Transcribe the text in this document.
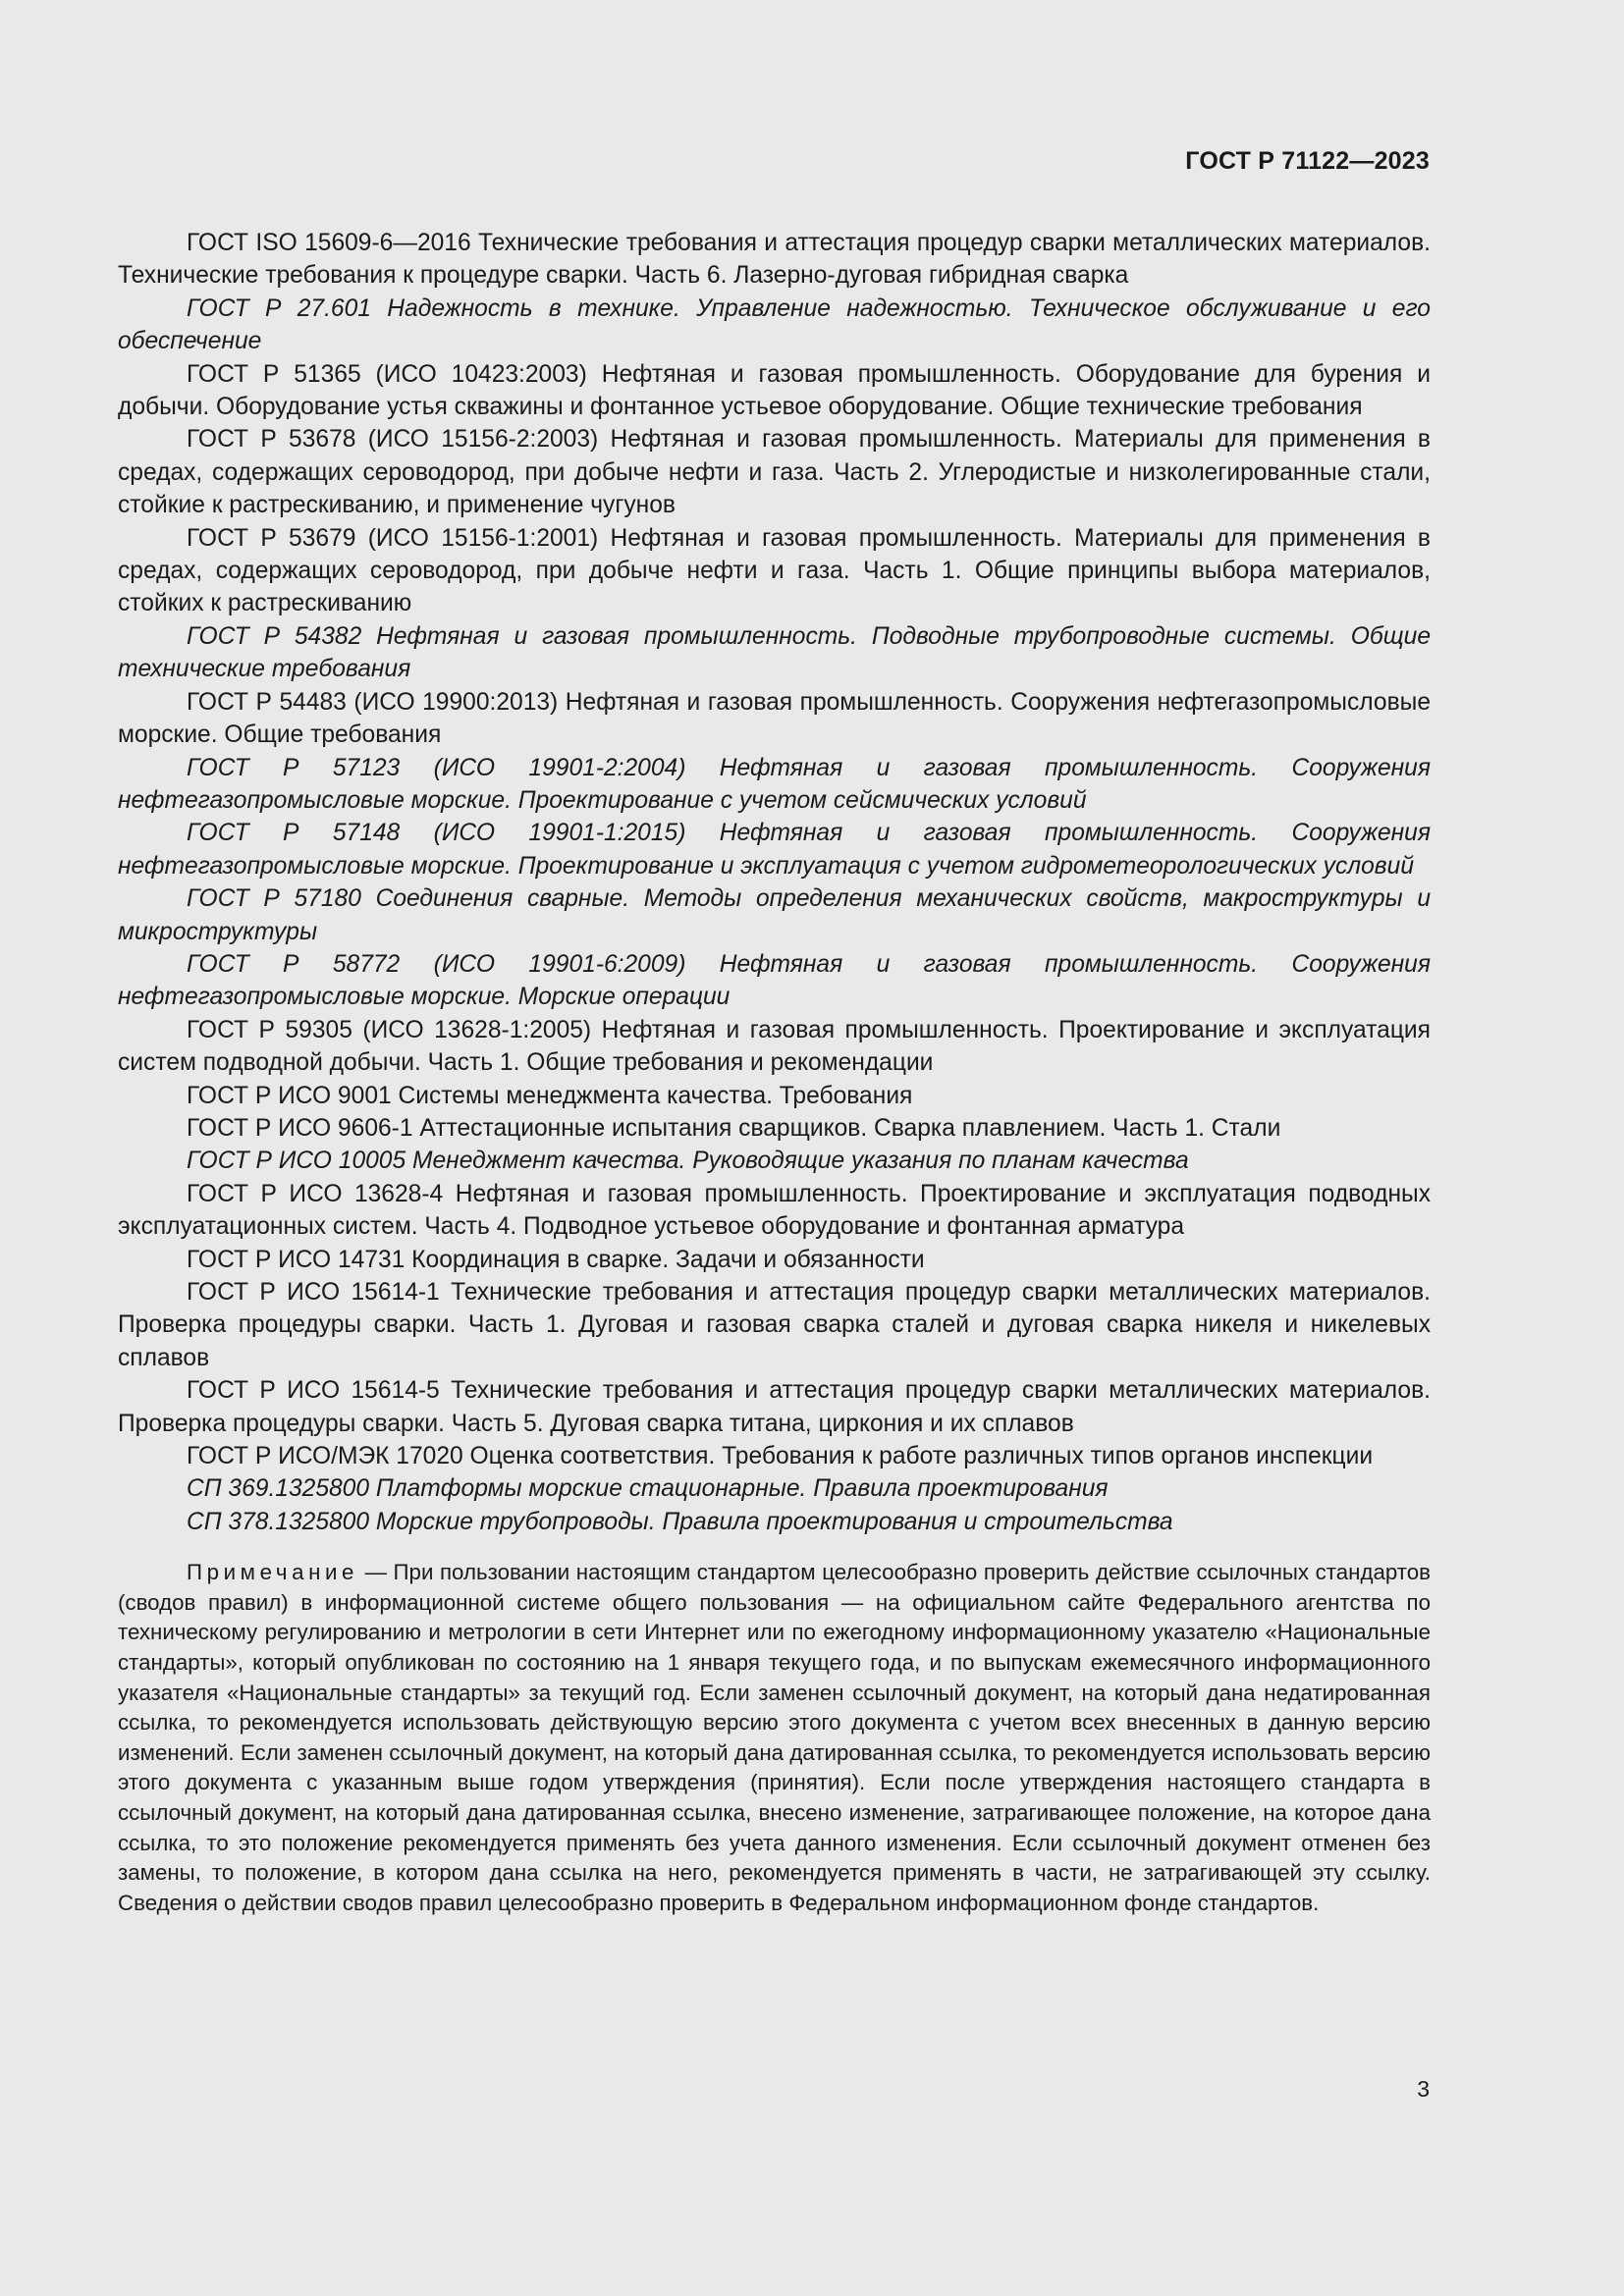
ГОСТ Р 71122—2023

ГОСТ ISO 15609-6—2016 Технические требования и аттестация процедур сварки металлических материалов. Технические требования к процедуре сварки. Часть 6. Лазерно-дуговая гибридная сварка

ГОСТ Р 27.601 Надежность в технике. Управление надежностью. Техническое обслуживание и его обеспечение

ГОСТ Р 51365 (ИСО 10423:2003) Нефтяная и газовая промышленность. Оборудование для бурения и добычи. Оборудование устья скважины и фонтанное устьевое оборудование. Общие технические требования

ГОСТ Р 53678 (ИСО 15156-2:2003) Нефтяная и газовая промышленность. Материалы для применения в средах, содержащих сероводород, при добыче нефти и газа. Часть 2. Углеродистые и низколегированные стали, стойкие к растрескиванию, и применение чугунов

ГОСТ Р 53679 (ИСО 15156-1:2001) Нефтяная и газовая промышленность. Материалы для применения в средах, содержащих сероводород, при добыче нефти и газа. Часть 1. Общие принципы выбора материалов, стойких к растрескиванию

ГОСТ Р 54382 Нефтяная и газовая промышленность. Подводные трубопроводные системы. Общие технические требования

ГОСТ Р 54483 (ИСО 19900:2013) Нефтяная и газовая промышленность. Сооружения нефтегазопромысловые морские. Общие требования

ГОСТ Р 57123 (ИСО 19901-2:2004) Нефтяная и газовая промышленность. Сооружения нефтегазопромысловые морские. Проектирование с учетом сейсмических условий

ГОСТ Р 57148 (ИСО 19901-1:2015) Нефтяная и газовая промышленность. Сооружения нефтегазопромысловые морские. Проектирование и эксплуатация с учетом гидрометеорологических условий

ГОСТ Р 57180 Соединения сварные. Методы определения механических свойств, макроструктуры и микроструктуры

ГОСТ Р 58772 (ИСО 19901-6:2009) Нефтяная и газовая промышленность. Сооружения нефтегазопромысловые морские. Морские операции

ГОСТ Р 59305 (ИСО 13628-1:2005) Нефтяная и газовая промышленность. Проектирование и эксплуатация систем подводной добычи. Часть 1. Общие требования и рекомендации

ГОСТ Р ИСО 9001 Системы менеджмента качества. Требования

ГОСТ Р ИСО 9606-1 Аттестационные испытания сварщиков. Сварка плавлением. Часть 1. Стали

ГОСТ Р ИСО 10005 Менеджмент качества. Руководящие указания по планам качества

ГОСТ Р ИСО 13628-4 Нефтяная и газовая промышленность. Проектирование и эксплуатация подводных эксплуатационных систем. Часть 4. Подводное устьевое оборудование и фонтанная арматура

ГОСТ Р ИСО 14731 Координация в сварке. Задачи и обязанности

ГОСТ Р ИСО 15614-1 Технические требования и аттестация процедур сварки металлических материалов. Проверка процедуры сварки. Часть 1. Дуговая и газовая сварка сталей и дуговая сварка никеля и никелевых сплавов

ГОСТ Р ИСО 15614-5 Технические требования и аттестация процедур сварки металлических материалов. Проверка процедуры сварки. Часть 5. Дуговая сварка титана, циркония и их сплавов

ГОСТ Р ИСО/МЭК 17020 Оценка соответствия. Требования к работе различных типов органов инспекции

СП 369.1325800 Платформы морские стационарные. Правила проектирования

СП 378.1325800 Морские трубопроводы. Правила проектирования и строительства

Примечание — При пользовании настоящим стандартом целесообразно проверить действие ссылочных стандартов (сводов правил) в информационной системе общего пользования — на официальном сайте Федерального агентства по техническому регулированию и метрологии в сети Интернет или по ежегодному информационному указателю «Национальные стандарты», который опубликован по состоянию на 1 января текущего года, и по выпускам ежемесячного информационного указателя «Национальные стандарты» за текущий год. Если заменен ссылочный документ, на который дана недатированная ссылка, то рекомендуется использовать действующую версию этого документа с учетом всех внесенных в данную версию изменений. Если заменен ссылочный документ, на который дана датированная ссылка, то рекомендуется использовать версию этого документа с указанным выше годом утверждения (принятия). Если после утверждения настоящего стандарта в ссылочный документ, на который дана датированная ссылка, внесено изменение, затрагивающее положение, на которое дана ссылка, то это положение рекомендуется применять без учета данного изменения. Если ссылочный документ отменен без замены, то положение, в котором дана ссылка на него, рекомендуется применять в части, не затрагивающей эту ссылку. Сведения о действии сводов правил целесообразно проверить в Федеральном информационном фонде стандартов.
3
